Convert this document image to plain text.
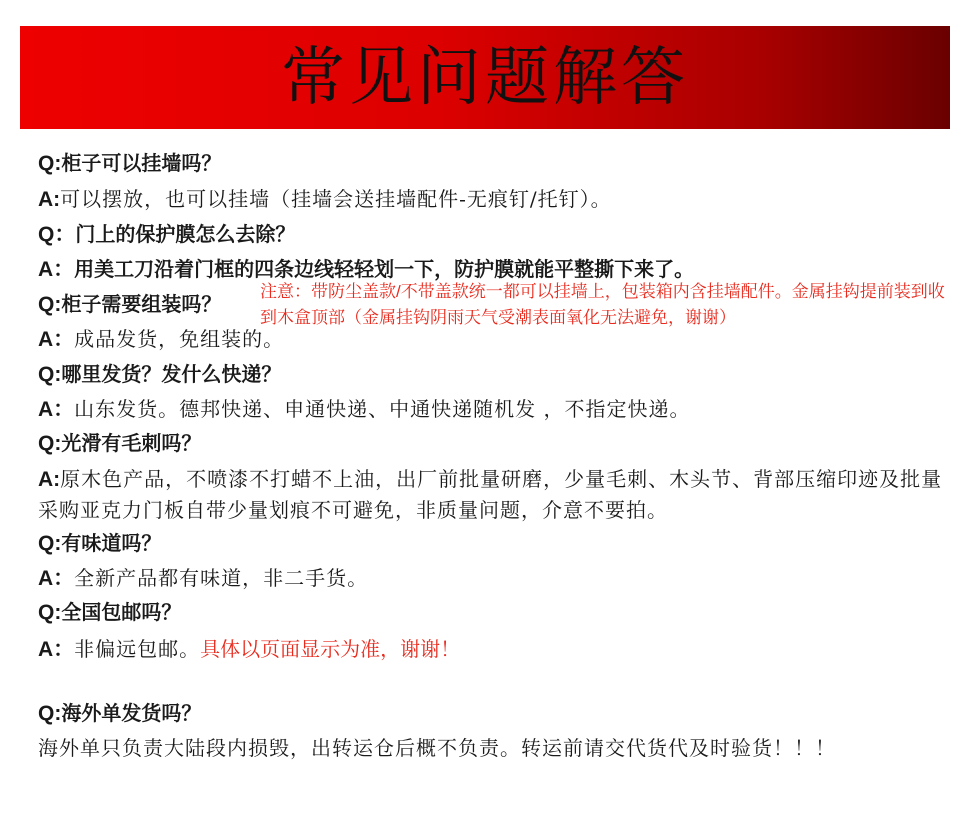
常见问题解答
Q:柜子可以挂墙吗？
A:可以摆放，也可以挂墙（挂墙会送挂墙配件-无痕钉/托钉）。
Q：门上的保护膜怎么去除？
A：用美工刀沿着门框的四条边线轻轻划一下，防护膜就能平整撕下来了。
Q:柜子需要组装吗？
A：成品发货，免组装的。
注意：带防尘盖款/不带盖款统一都可以挂墙上，包装箱内含挂墙配件。金属挂钩提前装到收到木盒顶部（金属挂钩阴雨天气受潮表面氧化无法避免，谢谢）
Q:哪里发货？发什么快递？
A：山东发货。德邦快递、申通快递、中通快递随机发 ，不指定快递。
Q:光滑有毛刺吗？
A:原木色产品，不喷漆不打蜡不上油，出厂前批量研磨，少量毛刺、木头节、背部压缩印迹及批量采购亚克力门板自带少量划痕不可避免，非质量问题，介意不要拍。
Q:有味道吗？
A：全新产品都有味道，非二手货。
Q:全国包邮吗？
A：非偏远包邮。具体以页面显示为准，谢谢！
Q:海外单发货吗？
海外单只负责大陆段内损毁，出转运仓后概不负责。转运前请交代货代及时验货！！！
